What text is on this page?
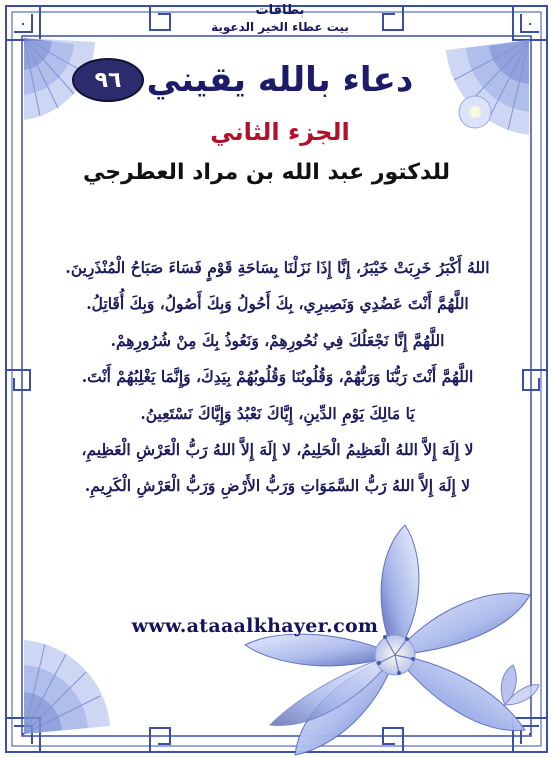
بطاقات
بيت عطاء الخير الدعوية
٩٦ دعاء بالله يقيني
الجزء الثاني
للدكتور عبد الله بن مراد العطرجي
اللهُ أَكْبَرُ خَرِبَتْ خَيْبَرُ، إِنَّا إِذَا نَزَلْنَا بِسَاحَةِ قَوْمٍ فَسَاءَ صَبَاحُ الْمُنْذَرِينَ.
اللَّهُمَّ أَنْتَ عَضُدِي وَنَصِيرِي، بِكَ أَحُولُ وَبِكَ أَصُولُ، وَبِكَ أُقَاتِلُ.
اللَّهُمَّ إِنَّا نَجْعَلُكَ فِي نُحُورِهِمْ، وَنَعُوذُ بِكَ مِنْ شُرُورِهِمْ.
اللَّهُمَّ أَنْتَ رَبُّنَا وَرَبُّهُمْ، وَقُلُوبُنَا وَقُلُوبُهُمْ بِيَدِكَ، وَإِنَّمَا يَغْلِبُهُمْ أَنْتَ.
يَا مَالِكَ يَوْمِ الدِّينِ، إِيَّاكَ نَعْبُدُ وَإِيَّاكَ نَسْتَعِينُ.
لا إِلَهَ إِلاَّ اللهُ الْعَظِيمُ الْحَلِيمُ، لا إِلَهَ إِلاَّ اللهُ رَبُّ الْعَرْشِ الْعَظِيمِ،
لا إِلَهَ إِلاَّ اللهُ رَبُّ السَّمَوَاتِ وَرَبُّ الأَرْضِ وَرَبُّ الْعَرْشِ الْكَرِيمِ.
www.ataaalkhayer.com
